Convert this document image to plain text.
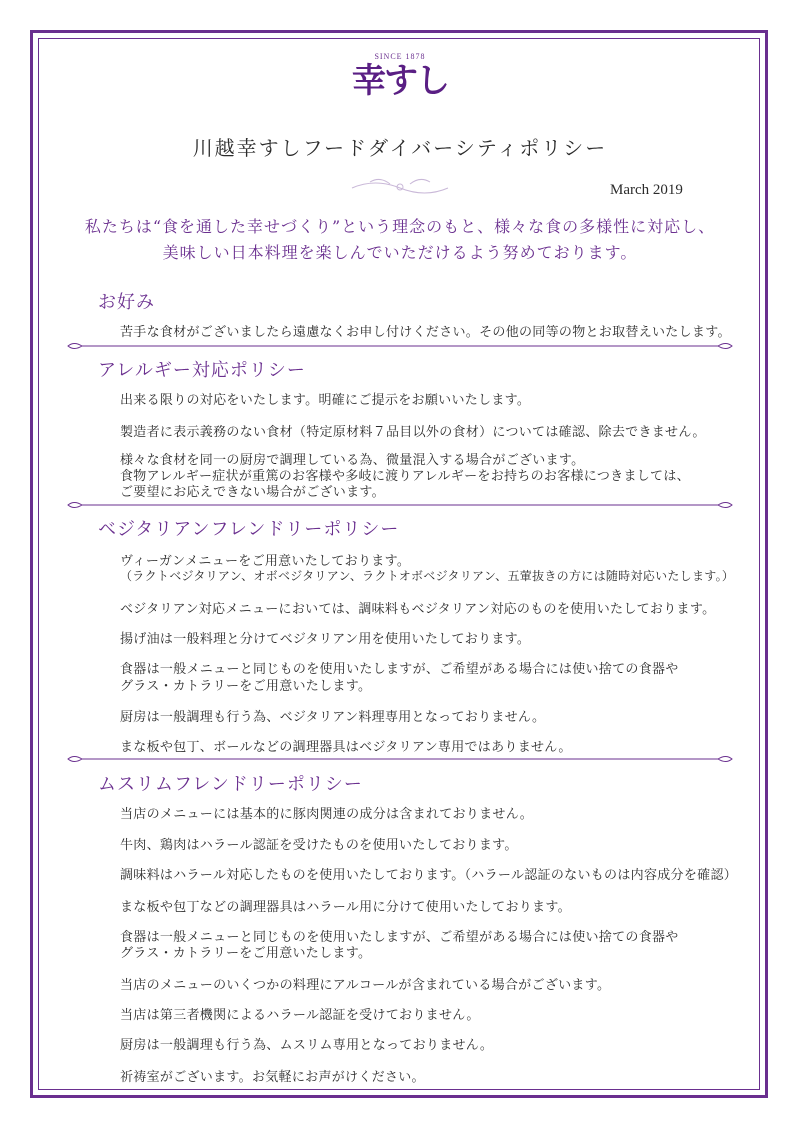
SINCE 1878
幸すし
川越幸すしフードダイバーシティポリシー
March 2019
私たちは“食を通した幸せづくり”という理念のもと、様々な食の多様性に対応し、
美味しい日本料理を楽しんでいただけるよう努めております。
お好み
苦手な食材がございましたら遠慮なくお申し付けください。その他の同等の物とお取替えいたします。
アレルギー対応ポリシー
出来る限りの対応をいたします。明確にご提示をお願いいたします。
製造者に表示義務のない食材（特定原材料７品目以外の食材）については確認、除去できません。
様々な食材を同一の厨房で調理している為、微量混入する場合がございます。
食物アレルギー症状が重篤のお客様や多岐に渡りアレルギーをお持ちのお客様につきましては、
ご要望にお応えできない場合がございます。
ベジタリアンフレンドリーポリシー
ヴィーガンメニューをご用意いたしております。
（ラクトベジタリアン、オボベジタリアン、ラクトオボベジタリアン、五葷抜きの方には随時対応いたします。）
ベジタリアン対応メニューにおいては、調味料もベジタリアン対応のものを使用いたしております。
揚げ油は一般料理と分けてベジタリアン用を使用いたしております。
食器は一般メニューと同じものを使用いたしますが、ご希望がある場合には使い捨ての食器や
グラス・カトラリーをご用意いたします。
厨房は一般調理も行う為、ベジタリアン料理専用となっておりません。
まな板や包丁、ボールなどの調理器具はベジタリアン専用ではありません。
ムスリムフレンドリーポリシー
当店のメニューには基本的に豚肉関連の成分は含まれておりません。
牛肉、鶏肉はハラール認証を受けたものを使用いたしております。
調味料はハラール対応したものを使用いたしております。（ハラール認証のないものは内容成分を確認）
まな板や包丁などの調理器具はハラール用に分けて使用いたしております。
食器は一般メニューと同じものを使用いたしますが、ご希望がある場合には使い捨ての食器や
グラス・カトラリーをご用意いたします。
当店のメニューのいくつかの料理にアルコールが含まれている場合がございます。
当店は第三者機関によるハラール認証を受けておりません。
厨房は一般調理も行う為、ムスリム専用となっておりません。
祈祷室がございます。お気軽にお声がけください。
